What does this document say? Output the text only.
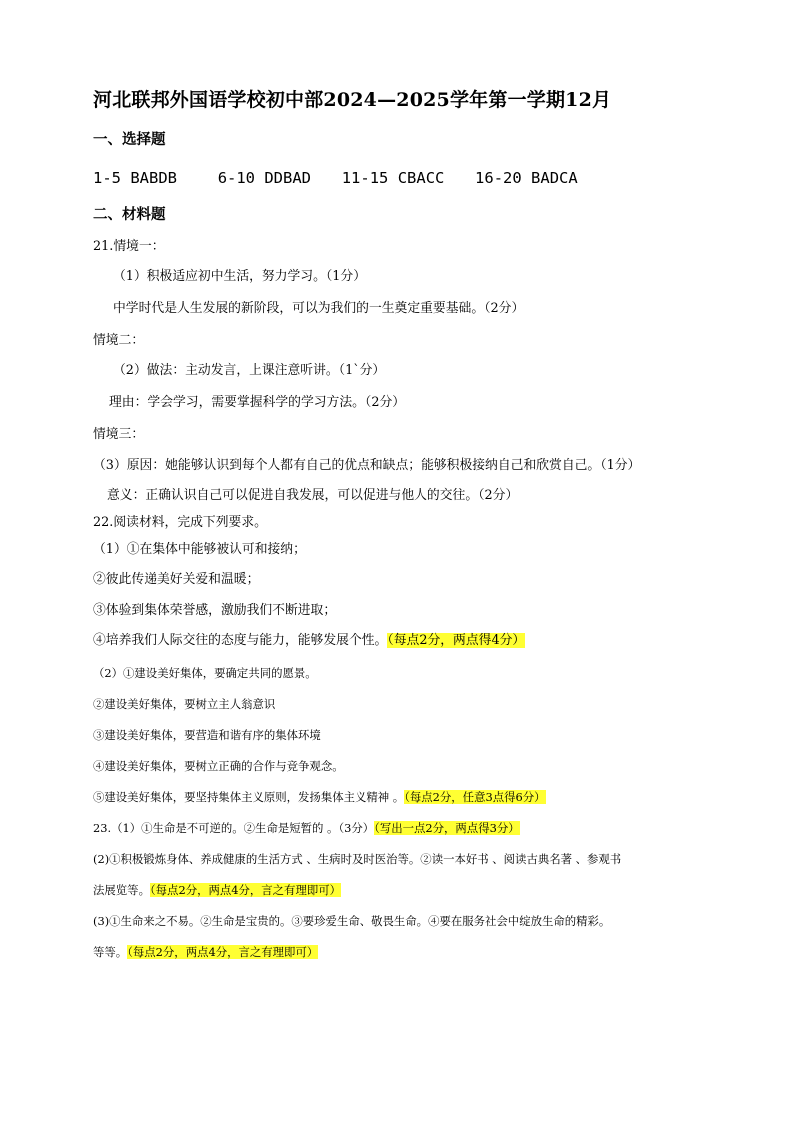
河北联邦外国语学校初中部2024—2025学年第一学期12月
一、选择题
1-5 BABDB	6-10 DDBAD 11-15 CBACC 16-20 BADCA
二、材料题
21.情境一：
（1）积极适应初中生活，努力学习。（1分）
中学时代是人生发展的新阶段，可以为我们的一生奠定重要基础。（2分）
情境二：
（2）做法：主动发言，上课注意听讲。（1`分）
理由：学会学习，需要掌握科学的学习方法。（2分）
情境三：
（3）原因：她能够认识到每个人都有自己的优点和缺点；能够积极接纳自己和欣赏自己。（1分）
意义：正确认识自己可以促进自我发展，可以促进与他人的交往。（2分）
22.阅读材料，完成下列要求。
（1）①在集体中能够被认可和接纳；
②彼此传递美好关爱和温暖；
③体验到集体荣誉感，激励我们不断进取；
④培养我们人际交往的态度与能力，能够发展个性。（每点2分，两点得4分）
（2）①建设美好集体，要确定共同的愿景。
②建设美好集体，要树立主人翁意识
③建设美好集体，要营造和谐有序的集体环境
④建设美好集体，要树立正确的合作与竞争观念。
⑤建设美好集体，要坚持集体主义原则，发扬集体主义精神 。（每点2分，任意3点得6分）
23.（1）①生命是不可逆的。②生命是短暂的 。（3分）（写出一点2分，两点得3分）
(2)①积极锻炼身体、养成健康的生活方式 、生病时及时医治等。②读一本好书 、阅读古典名著 、参观书
法展览等。（每点2分，两点4分，言之有理即可）
(3)①生命来之不易。②生命是宝贵的。③要珍爱生命、敬畏生命。④要在服务社会中绽放生命的精彩。
等等。（每点2分，两点4分，言之有理即可）
